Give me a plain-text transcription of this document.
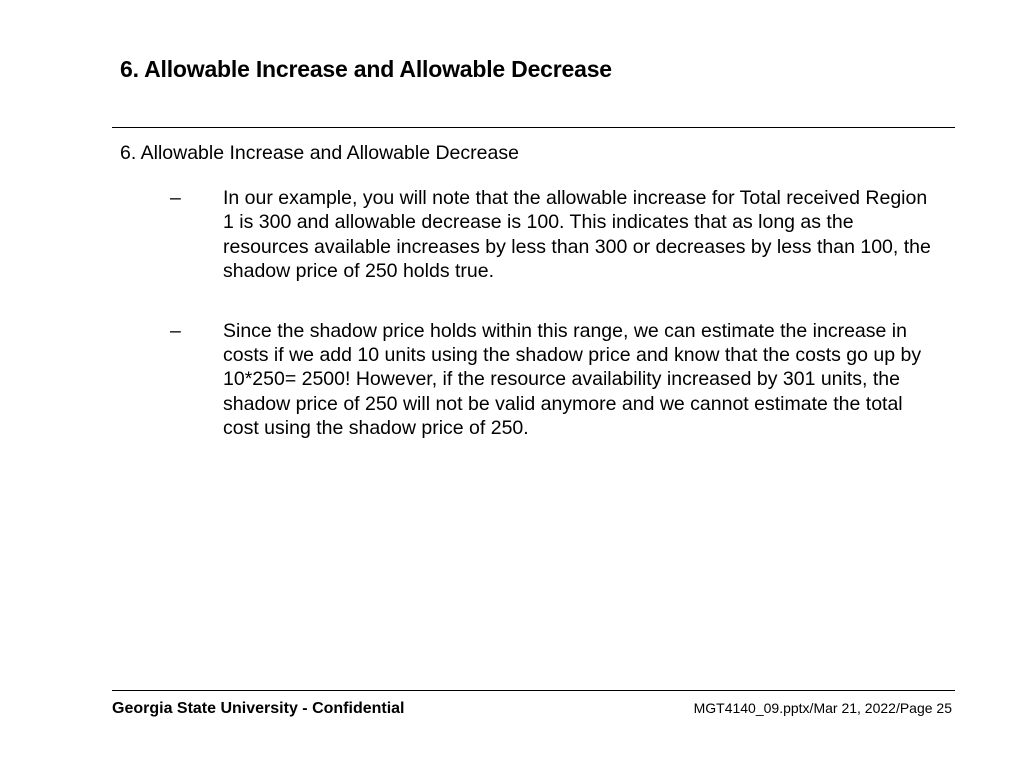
6. Allowable Increase and Allowable Decrease
6. Allowable Increase and Allowable Decrease
– In our example, you will note that the allowable increase for Total received Region 1 is 300 and allowable decrease is 100. This indicates that as long as the resources available increases by less than 300 or decreases by less than 100, the shadow price of 250 holds true.
– Since the shadow price holds within this range, we can estimate the increase in costs if we add 10 units using the shadow price and know that the costs go up by 10*250= 2500! However, if the resource availability increased by 301 units, the shadow price of 250 will not be valid anymore and we cannot estimate the total cost using the shadow price of 250.
Georgia State University - Confidential	MGT4140_09.pptx/Mar 21, 2022/Page 25
